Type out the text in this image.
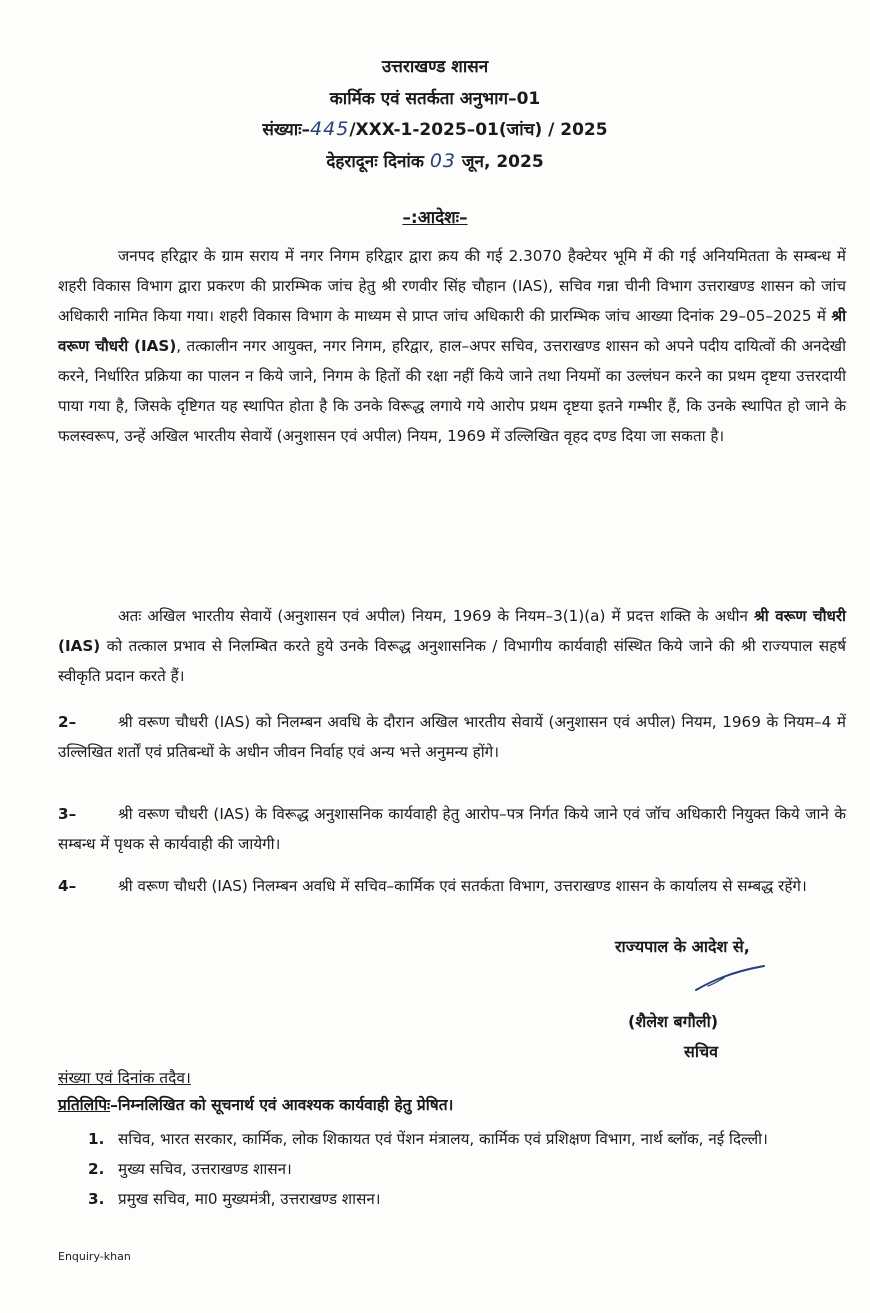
उत्तराखण्ड शासन
कार्मिक एवं सतर्कता अनुभाग–01
संख्याः–445/XXX-1-2025–01(जांच) / 2025
देहरादूनः दिनांक 03 जून, 2025
–:आदेशः–

जनपद हरिद्वार के ग्राम सराय में नगर निगम हरिद्वार द्वारा क्रय की गई 2.3070 हैक्टेयर भूमि में की गई अनियमितता के सम्बन्ध में शहरी विकास विभाग द्वारा प्रकरण की प्रारम्भिक जांच हेतु श्री रणवीर सिंह चौहान (IAS), सचिव गन्ना चीनी विभाग उत्तराखण्ड शासन को जांच अधिकारी नामित किया गया। शहरी विकास विभाग के माध्यम से प्राप्त जांच अधिकारी की प्रारम्भिक जांच आख्या दिनांक 29–05–2025 में श्री वरूण चौधरी (IAS), तत्कालीन नगर आयुक्त, नगर निगम, हरिद्वार, हाल–अपर सचिव, उत्तराखण्ड शासन को अपने पदीय दायित्वों की अनदेखी करने, निर्धारित प्रक्रिया का पालन न किये जाने, निगम के हितों की रक्षा नहीं किये जाने तथा नियमों का उल्लंघन करने का प्रथम दृष्टया उत्तरदायी पाया गया है, जिसके दृष्टिगत यह स्थापित होता है कि उनके विरूद्ध लगाये गये आरोप प्रथम दृष्टया इतने गम्भीर हैं, कि उनके स्थापित हो जाने के फलस्वरूप, उन्हें अखिल भारतीय सेवायें (अनुशासन एवं अपील) नियम, 1969 में उल्लिखित वृहद दण्ड दिया जा सकता है।

अतः अखिल भारतीय सेवायें (अनुशासन एवं अपील) नियम, 1969 के नियम–3(1)(a) में प्रदत्त शक्ति के अधीन श्री वरूण चौधरी (IAS) को तत्काल प्रभाव से निलम्बित करते हुये उनके विरूद्ध अनुशासनिक / विभागीय कार्यवाही संस्थित किये जाने की श्री राज्यपाल सहर्ष स्वीकृति प्रदान करते हैं।

2–	श्री वरूण चौधरी (IAS) को निलम्बन अवधि के दौरान अखिल भारतीय सेवायें (अनुशासन एवं अपील) नियम, 1969 के नियम–4 में उल्लिखित शर्तों एवं प्रतिबन्धों के अधीन जीवन निर्वाह एवं अन्य भत्ते अनुमन्य होंगे।

3–	श्री वरूण चौधरी (IAS) के विरूद्ध अनुशासनिक कार्यवाही हेतु आरोप–पत्र निर्गत किये जाने एवं जॉच अधिकारी नियुक्त किये जाने के सम्बन्ध में पृथक से कार्यवाही की जायेगी।

4–	श्री वरूण चौधरी (IAS) निलम्बन अवधि में सचिव–कार्मिक एवं सतर्कता विभाग, उत्तराखण्ड शासन के कार्यालय से सम्बद्ध रहेंगे।

राज्यपाल के आदेश से,
(शैलेश बगौली)
सचिव
संख्या एवं दिनांक तदैव।
प्रतिलिपिः–निम्नलिखित को सूचनार्थ एवं आवश्यक कार्यवाही हेतु प्रेषित।
1. सचिव, भारत सरकार, कार्मिक, लोक शिकायत एवं पेंशन मंत्रालय, कार्मिक एवं प्रशिक्षण विभाग, नार्थ ब्लॉक, नई दिल्ली।
2. मुख्य सचिव, उत्तराखण्ड शासन।
3. प्रमुख सचिव, मा0 मुख्यमंत्री, उत्तराखण्ड शासन।
Enquiry-khan
